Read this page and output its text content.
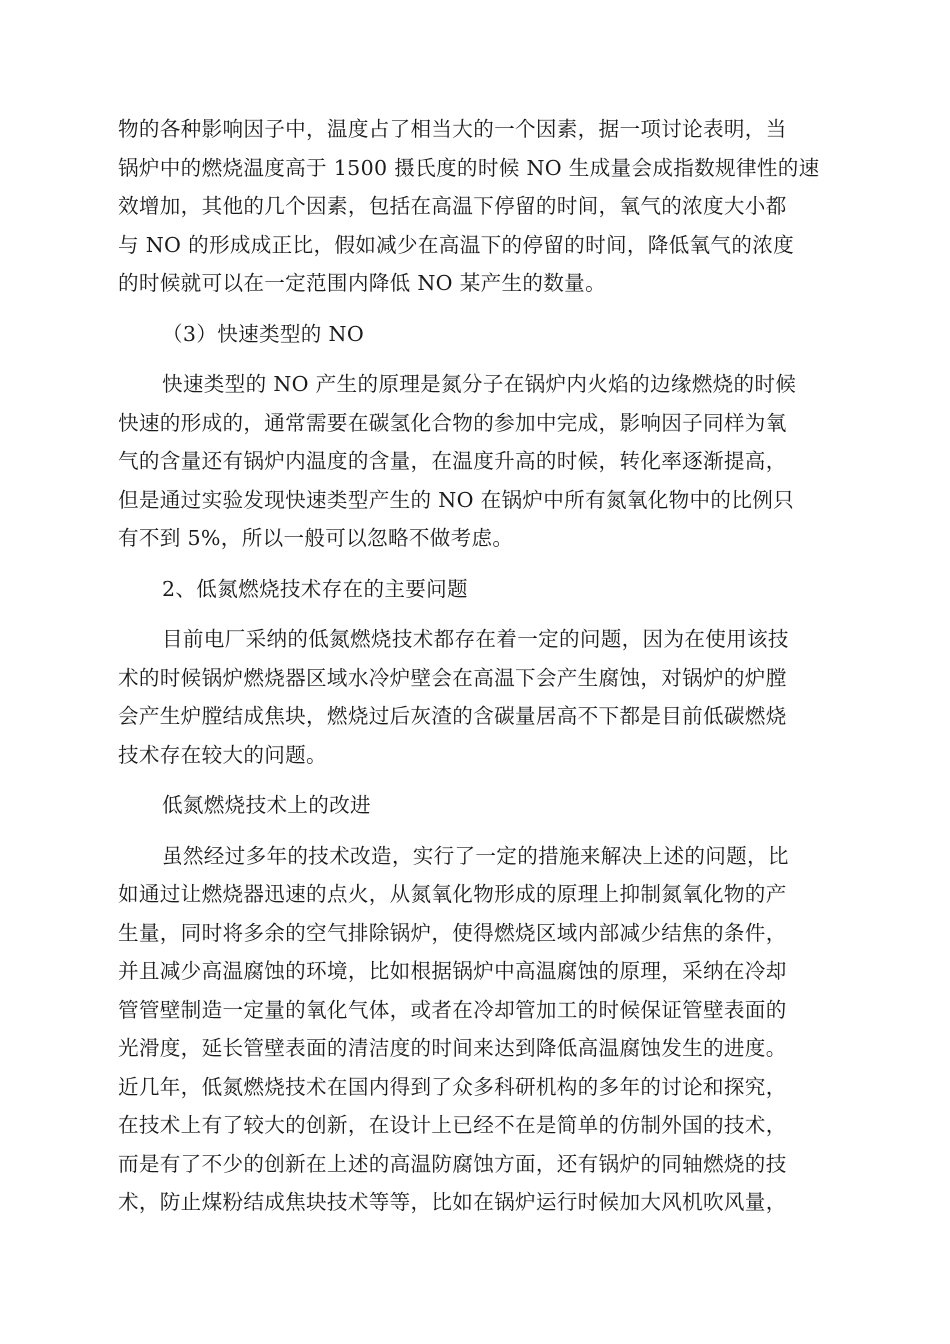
物的各种影响因子中，温度占了相当大的一个因素，据一项讨论表明，当
锅炉中的燃烧温度高于 1500 摄氏度的时候 NO 生成量会成指数规律性的速
效增加，其他的几个因素，包括在高温下停留的时间，氧气的浓度大小都
与 NO 的形成成正比，假如减少在高温下的停留的时间，降低氧气的浓度
的时候就可以在一定范围内降低 NO 某产生的数量。
（3）快速类型的 NO
快速类型的 NO 产生的原理是氮分子在锅炉内火焰的边缘燃烧的时候
快速的形成的，通常需要在碳氢化合物的参加中完成，影响因子同样为氧
气的含量还有锅炉内温度的含量，在温度升高的时候，转化率逐渐提高，
但是通过实验发现快速类型产生的 NO 在锅炉中所有氮氧化物中的比例只
有不到 5%，所以一般可以忽略不做考虑。
2、低氮燃烧技术存在的主要问题
目前电厂采纳的低氮燃烧技术都存在着一定的问题，因为在使用该技
术的时候锅炉燃烧器区域水冷炉壁会在高温下会产生腐蚀，对锅炉的炉膛
会产生炉膛结成焦块，燃烧过后灰渣的含碳量居高不下都是目前低碳燃烧
技术存在较大的问题。
低氮燃烧技术上的改进
虽然经过多年的技术改造，实行了一定的措施来解决上述的问题，比
如通过让燃烧器迅速的点火，从氮氧化物形成的原理上抑制氮氧化物的产
生量，同时将多余的空气排除锅炉，使得燃烧区域内部减少结焦的条件，
并且减少高温腐蚀的环境，比如根据锅炉中高温腐蚀的原理，采纳在冷却
管管壁制造一定量的氧化气体，或者在冷却管加工的时候保证管壁表面的
光滑度，延长管壁表面的清洁度的时间来达到降低高温腐蚀发生的进度。
近几年，低氮燃烧技术在国内得到了众多科研机构的多年的讨论和探究，
在技术上有了较大的创新，在设计上已经不在是简单的仿制外国的技术，
而是有了不少的创新在上述的高温防腐蚀方面，还有锅炉的同轴燃烧的技
术，防止煤粉结成焦块技术等等，比如在锅炉运行时候加大风机吹风量，
